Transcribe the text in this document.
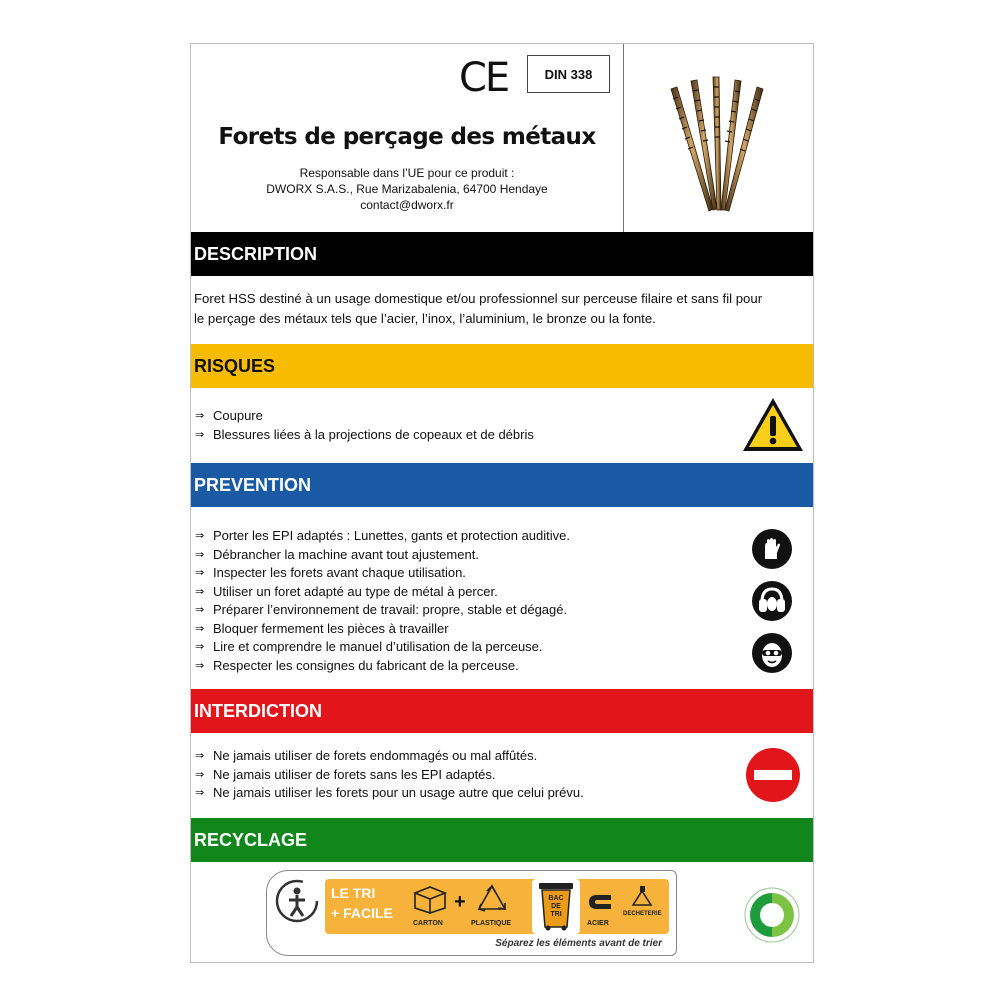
CE	DIN 338
Forets de perçage des métaux
Responsable dans l’UE pour ce produit :
DWORX S.A.S., Rue Marizabalenia, 64700 Hendaye
contact@dworx.fr
DESCRIPTION
Foret HSS destiné à un usage domestique et/ou professionnel sur perceuse filaire et sans fil pour
le perçage des métaux tels que l’acier, l’inox, l’aluminium, le bronze ou la fonte.
RISQUES
⇒ Coupure
⇒ Blessures liées à la projections de copeaux et de débris
PREVENTION
⇒ Porter les EPI adaptés : Lunettes, gants et protection auditive.
⇒ Débrancher la machine avant tout ajustement.
⇒ Inspecter les forets avant chaque utilisation.
⇒ Utiliser un foret adapté au type de métal à percer.
⇒ Préparer l’environnement de travail: propre, stable et dégagé.
⇒ Bloquer fermement les pièces à travailler
⇒ Lire et comprendre le manuel d’utilisation de la perceuse.
⇒ Respecter les consignes du fabricant de la perceuse.
INTERDICTION
⇒ Ne jamais utiliser de forets endommagés ou mal affûtés.
⇒ Ne jamais utiliser de forets sans les EPI adaptés.
⇒ Ne jamais utiliser les forets pour un usage autre que celui prévu.
RECYCLAGE
LE TRI
+ FACILE
CARTON
+
PLASTIQUE
BAC DE TRI
ACIER
DECHETERIE
Séparez les éléments avant de trier
